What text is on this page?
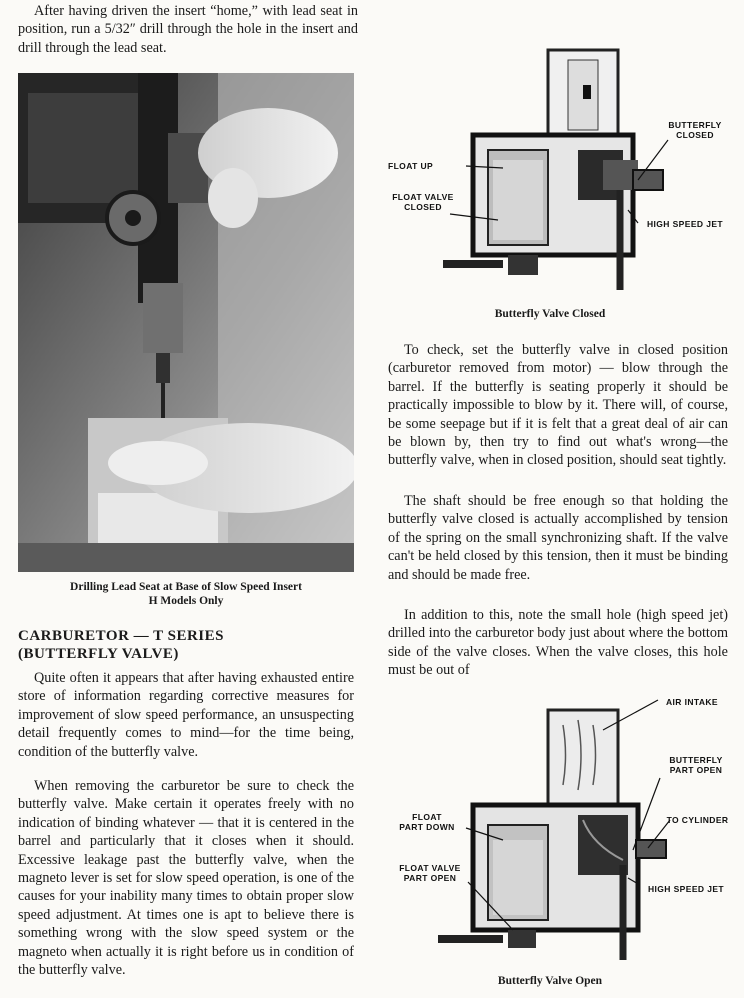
After having driven the insert “home,” with lead seat in position, run a 5/32″ drill through the hole in the insert and drill through the lead seat.

Drilling Lead Seat at Base of Slow Speed Insert
H Models Only
CARBURETOR — T SERIES
(BUTTERFLY VALVE)

Quite often it appears that after having exhausted entire store of information regarding corrective measures for improvement of slow speed performance, an unsuspecting detail frequently comes to mind—for the time being, condition of the butterfly valve.

When removing the carburetor be sure to check the butterfly valve. Make certain it operates freely with no indication of binding whatever — that it is centered in the barrel and particularly that it closes when it should. Excessive leakage past the butterfly valve, when the magneto lever is set for slow speed operation, is one of the causes for your inability many times to obtain proper slow speed adjustment. At times one is apt to believe there is something wrong with the slow speed system or the magneto when actually it is right before us in condition of the butterfly valve.

BUTTERFLY
CLOSED
FLOAT UP
FLOAT VALVE
CLOSED
HIGH SPEED JET
Butterfly Valve Closed

To check, set the butterfly valve in closed position (carburetor removed from motor) — blow through the barrel. If the butterfly is seating properly it should be practically impossible to blow by it. There will, of course, be some seepage but if it is felt that a great deal of air can be blown by, then try to find out what's wrong—the butterfly valve, when in closed position, should seat tightly.

The shaft should be free enough so that holding the butterfly valve closed is actually accomplished by tension of the spring on the small synchronizing shaft. If the valve can't be held closed by this tension, then it must be binding and should be made free.

In addition to this, note the small hole (high speed jet) drilled into the carburetor body just about where the bottom side of the valve closes. When the valve closes, this hole must be out of

AIR INTAKE
BUTTERFLY
PART OPEN
TO CYLINDER
FLOAT
PART DOWN
FLOAT VALVE
PART OPEN
HIGH SPEED JET
Butterfly Valve Open
